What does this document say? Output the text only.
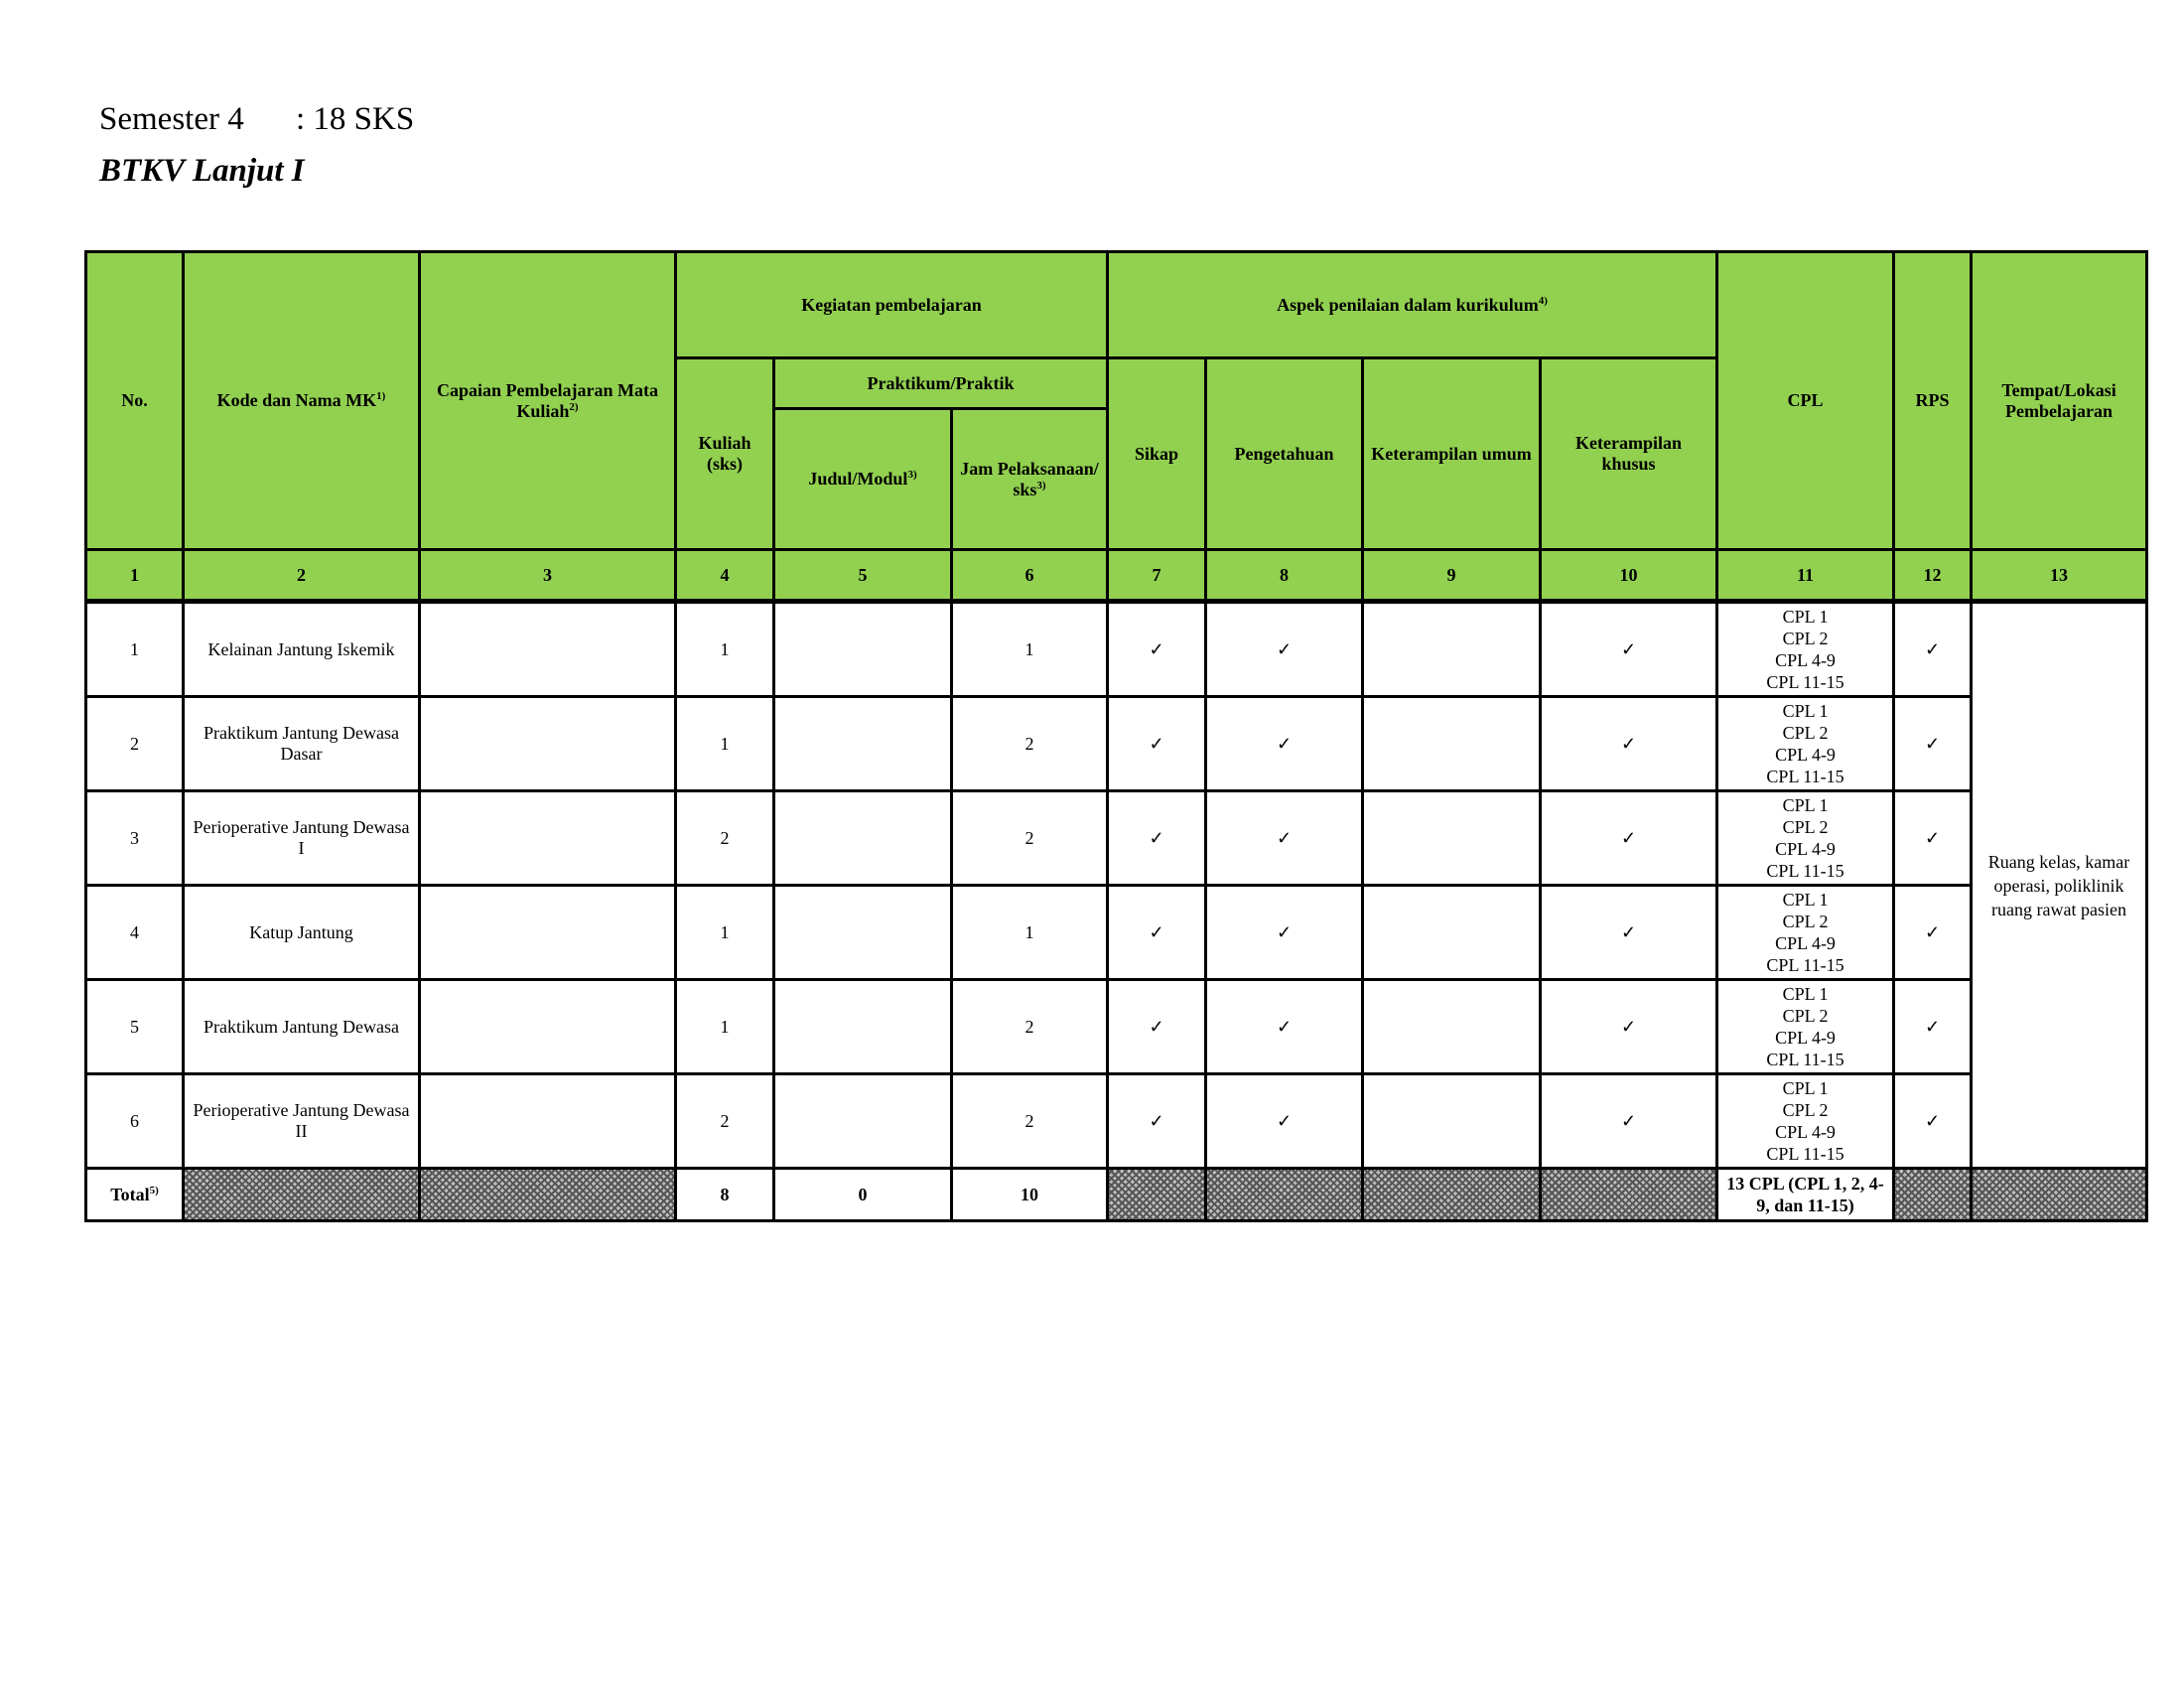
Semester 4 : 18 SKS
BTKV Lanjut I
No.	Kode dan Nama MK$^{1)}$	Capaian Pembelajaran Mata Kuliah$^{2)}$	Kegiatan pembelajaran			Aspek penilaian dalam kurikulum$^{4)}$				CPL	RPS	Tempat/Lokasi Pembelajaran
			Kuliah (sks)	Praktikum/Praktik		Sikap	Pengetahuan	Keterampilan umum	Keterampilan khusus			
				Judul/Modul$^{3)}$	Jam Pelaksanaan/ sks$^{3)}$
1	2	3	4	5	6	7	8	9	10	11	12	13
1	Kelainan Jantung Iskemik		1		1	✓	✓		✓	CPL 1
CPL 2
CPL 4-9
CPL 11-15	✓	Ruang kelas, kamar operasi, poliklinik ruang rawat pasien
2	Praktikum Jantung Dewasa Dasar		1		2	✓	✓		✓	CPL 1
CPL 2
CPL 4-9
CPL 11-15	✓	
3	Perioperative Jantung Dewasa I		2		2	✓	✓		✓	CPL 1
CPL 2
CPL 4-9
CPL 11-15	✓	
4	Katup Jantung		1		1	✓	✓		✓	CPL 1
CPL 2
CPL 4-9
CPL 11-15	✓	
5	Praktikum Jantung Dewasa		1		2	✓	✓		✓	CPL 1
CPL 2
CPL 4-9
CPL 11-15	✓	
6	Perioperative Jantung Dewasa II		2		2	✓	✓		✓	CPL 1
CPL 2
CPL 4-9
CPL 11-15	✓	
Total$^{5)}$			8	0	10					13 CPL (CPL 1, 2, 4-9, dan 11-15)		
